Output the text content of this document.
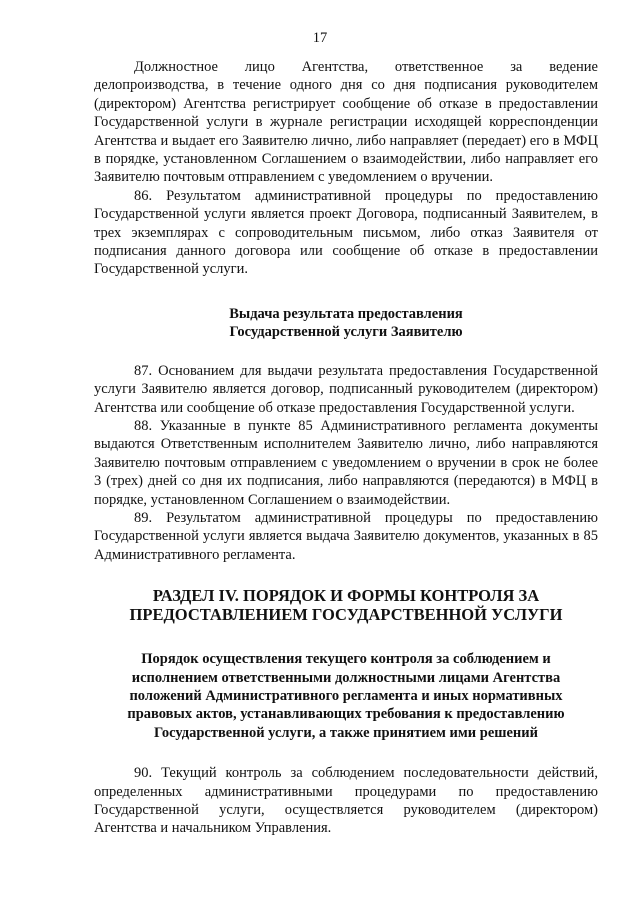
17

Должностное лицо Агентства, ответственное за ведение делопроизводства, в течение одного дня со дня подписания руководителем (директором) Агентства регистрирует сообщение об отказе в предоставлении Государственной услуги в журнале регистрации исходящей корреспонденции Агентства и выдает его Заявителю лично, либо направляет (передает) его в МФЦ в порядке, установленном Соглашением о взаимодействии, либо направляет его Заявителю почтовым отправлением с уведомлением о вручении.

86. Результатом административной процедуры по предоставлению Государственной услуги является проект Договора, подписанный Заявителем, в трех экземплярах с сопроводительным письмом, либо отказ Заявителя от подписания данного договора или сообщение об отказе в предоставлении Государственной услуги.

Выдача результата предоставления
Государственной услуги Заявителю

87. Основанием для выдачи результата предоставления Государственной услуги Заявителю является договор, подписанный руководителем (директором) Агентства или сообщение об отказе предоставления Государственной услуги.

88. Указанные в пункте 85 Административного регламента документы выдаются Ответственным исполнителем Заявителю лично, либо направляются Заявителю почтовым отправлением с уведомлением о вручении в срок не более 3 (трех) дней со дня их подписания, либо направляются (передаются) в МФЦ в порядке, установленном Соглашением о взаимодействии.

89. Результатом административной процедуры по предоставлению Государственной услуги является выдача Заявителю документов, указанных в 85 Административного регламента.

РАЗДЕЛ IV. ПОРЯДОК И ФОРМЫ КОНТРОЛЯ ЗА
ПРЕДОСТАВЛЕНИЕМ ГОСУДАРСТВЕННОЙ УСЛУГИ
Порядок осуществления текущего контроля за соблюдением и
исполнением ответственными должностными лицами Агентства
положений Административного регламента и иных нормативных
правовых актов, устанавливающих требования к предоставлению
Государственной услуги, а также принятием ими решений

90. Текущий контроль за соблюдением последовательности действий, определенных административными процедурами по предоставлению Государственной услуги, осуществляется руководителем (директором) Агентства и начальником Управления.
